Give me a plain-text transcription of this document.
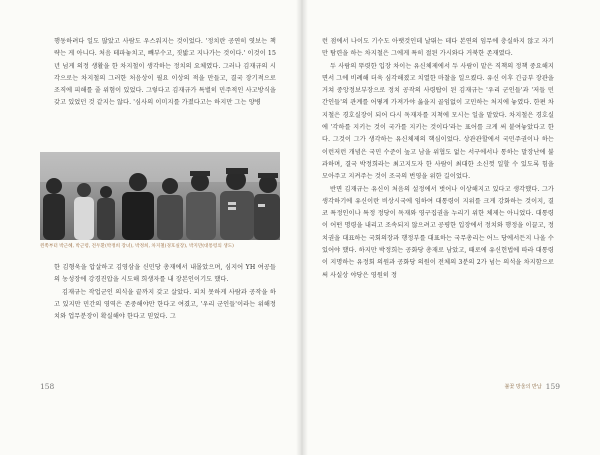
행동하려다 일도 많았고 사람도 우스워지는 것이었다. '정치란 공연히 엿보는 책략는 게 아니다. 처음 테파놓치고, 빼부수고, 짓밟고 지나가는 것이다.' 이것이 15년 넘게 의정 생활을 한 차지철이 생각하는 정치의 요체였다. 그러나 김재규의 시각으로는 차지철의 그러한 처음상이 필요 이상의 적을 만들고, 결국 장기적으로 조직에 피해를 줄 위험이 있었다. 그렇다고 김재규가 특별히 민주적인 사고방식을 갖고 있었던 것 같지는 않다. '심사의 이미지를 가졌다고는 하지만 그는 양병

왼쪽부터 박근혜, 박근령, 전두환(박정희 장녀), 박정희, 차지철(경호실장), 박지만(대통령의 생도)

한 김형욱을 압살하고 김영삼을 신민당 총재에서 내몰았으며, 심지어 YH 여공들의 농성장에 강경진압을 시도해 희생자를 내 장본인이기도 했다.

김재규는 작업군인 의식을 끝까지 갖고 살았다. 피치 못하게 사람과 공작을 하고 있지만 민간의 영역은 존중해야만 한다고 여겼고, '우리 군인들'이라는 위해정치와 업무분장이 확실해야 한다고 믿었다. 그

158

런 점에서 나이도 기수도 아랫것인데 날뛰는 데다 본연의 임무에 충실하지 않고 자기만 탐련을 하는 차지철은 그에게 특히 절된 가시와다 거북한 존재였다.

두 사람의 뚜렷한 입장 차이는 유신체제에서 두 사람이 맡은 직책의 정책 중요해지면서 그에 비례해 더욱 심각해졌고 치열한 마찰을 일으켰다. 유신 이후 긴급부 장관을 거쳐 중앙정보부장으로 정치 공작의 사령탑이 된 김재규는 '우리 군인들'과 '저들 민간인들'의 관계를 어떻게 가져가야 옳을지 골임없이 고민하는 처지에 놓였다. 한편 차지철은 경호실장이 되어 다시 독재자를 지척에 모시는 일을 맡았다. 차지철은 경호실에 '각하를 지키는 것이 국가를 지키는 것이다'라는 표어를 크게 써 붙여놓았다고 한다. 그것이 그가 생각하는 유신체제의 핵심이었다. 상관관할에서 국민주권이나 하는 이런저런 개념은 국민 수준이 높고 남을 위협도 없는 서구에서나 통하는 말장난에 불과하며, 결국 박정희라는 최고지도자 한 사람이 최대한 소신껏 일할 수 있도록 힘을 모아주고 지켜주는 것이 조국의 번영을 위한 길이었다.

반면 김재규는 유신이 처음의 설정에서 벗어나 이상해지고 있다고 생각했다. 그가 생각하기에 유신이란 비상시국에 임하여 대통령이 지위를 크게 강화하는 것이지, 결코 특정인이나 특정 정당이 독재와 영구집권을 누리기 위한 체제는 아니었다. 대통령이 어떤 명령을 내리고 조속되지 않으려고 공평한 입장에서 정치와 행정을 이끌고, 정치권을 대표하는 국회의장과 행정부를 대표하는 국무총리는 어느 당에서든지 나올 수 있어야 했다. 하지만 박정희는 공화당 총재로 남았고, 때로에 유신헌법에 따라 대통령이 지명하는 유정회 의원과 공화당 의원이 전체의 3분의 2가 넘는 의석을 차지함으로써 사실상 야당은 영원히 정

불꽃 방울의 반납 159
